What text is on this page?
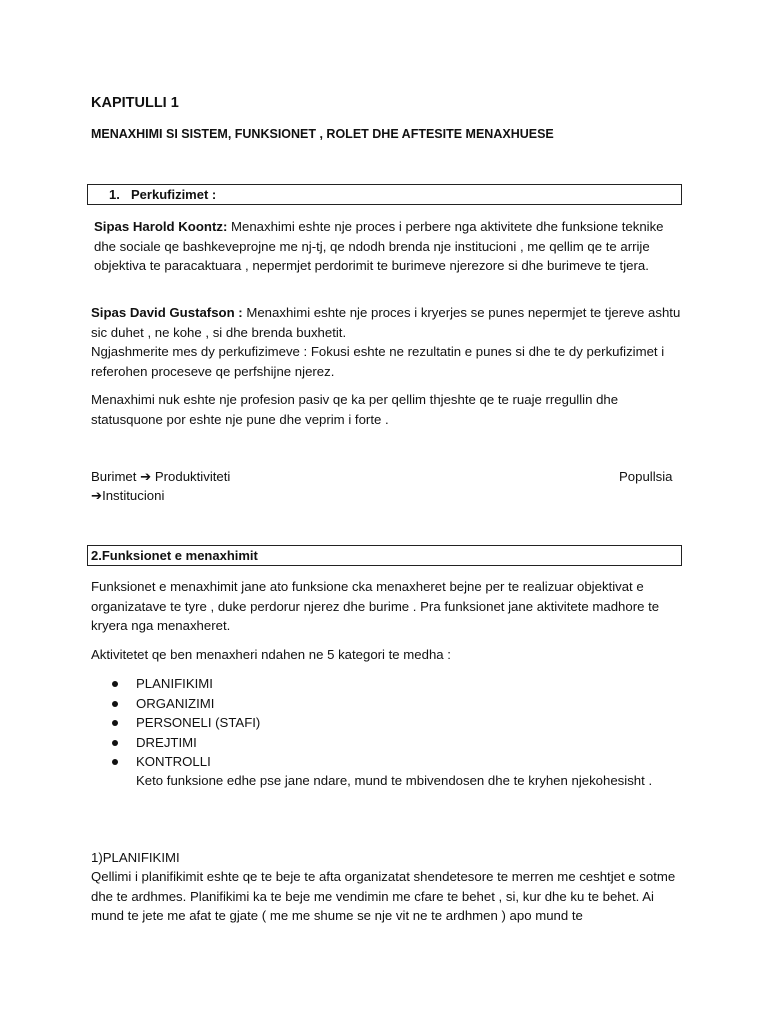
KAPITULLI 1
MENAXHIMI SI SISTEM, FUNKSIONET , ROLET DHE AFTESITE MENAXHUESE
1. Perkufizimet :
Sipas Harold Koontz: Menaxhimi eshte nje proces i perbere nga aktivitete dhe funksione teknike dhe sociale qe bashkeveprojne me nj-tj, qe ndodh brenda nje institucioni , me qellim qe te arrije objektiva te paracaktuara , nepermjet perdorimit te burimeve njerezore si dhe burimeve te tjera.
Sipas David Gustafson : Menaxhimi eshte nje proces i kryerjes se punes nepermjet te tjereve ashtu sic duhet , ne kohe , si dhe brenda buxhetit.
Ngjashmerite mes dy perkufizimeve : Fokusi eshte ne rezultatin e punes si dhe te dy perkufizimet i referohen proceseve qe perfshijne njerez.
Menaxhimi nuk eshte nje profesion pasiv qe ka per qellim thjeshte qe te ruaje rregullin dhe statusquone por eshte nje pune dhe veprim i forte .
Burimet ➔ Produktiviteti	Popullsia
➔Institucioni
2.Funksionet e menaxhimit
Funksionet e menaxhimit jane ato funksione cka menaxheret bejne per te realizuar objektivat e organizatave te tyre , duke perdorur njerez dhe burime . Pra funksionet jane aktivitete madhore te kryera nga menaxheret.
Aktivitetet qe ben menaxheri ndahen ne 5 kategori te medha :
PLANIFIKIMI
ORGANIZIMI
PERSONELI (STAFI)
DREJTIMI
KONTROLLI
Keto funksione edhe pse jane ndare, mund te mbivendosen dhe te kryhen njekohesisht .
1)PLANIFIKIMI
Qellimi i planifikimit eshte qe te beje te afta organizatat shendetesore te merren me ceshtjet e sotme dhe te ardhmes. Planifikimi ka te beje me vendimin me cfare te behet , si, kur dhe ku te behet. Ai mund te jete me afat te gjate ( me me shume se nje vit ne te ardhmen ) apo mund te
